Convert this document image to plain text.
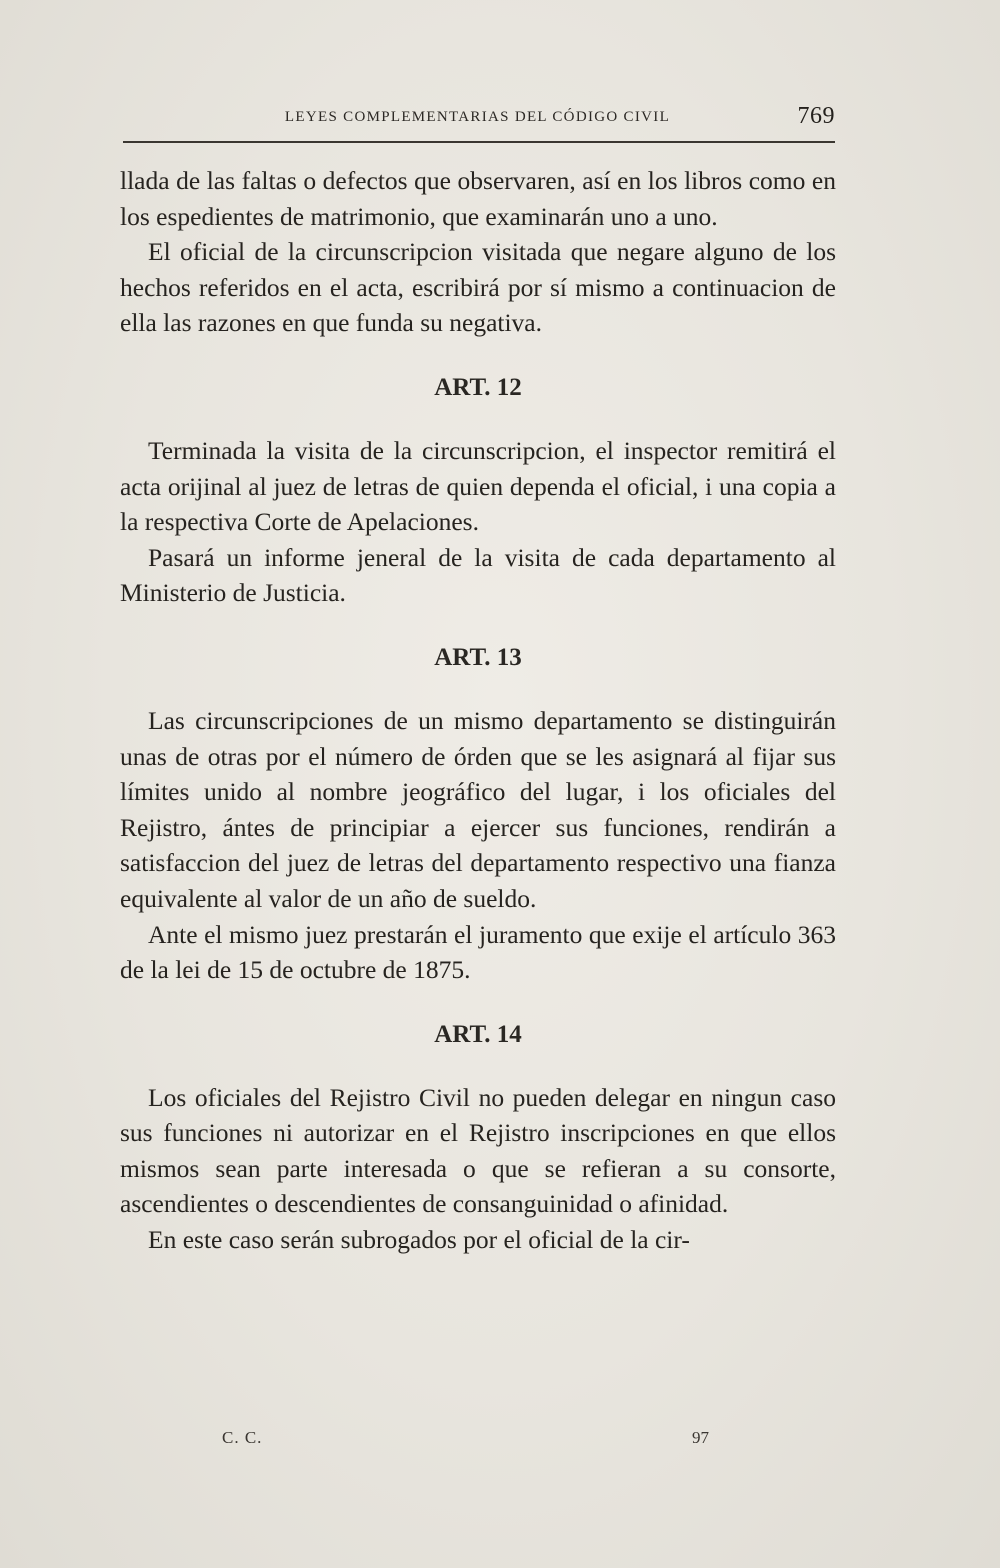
LEYES COMPLEMENTARIAS DEL CÓDIGO CIVIL	769

llada de las faltas o defectos que observaren, así en los libros como en los espedientes de matrimonio, que examinarán uno a uno.

El oficial de la circunscripcion visitada que negare alguno de los hechos referidos en el acta, escribirá por sí mismo a continuacion de ella las razones en que funda su negativa.

ART. 12

Terminada la visita de la circunscripcion, el inspector remitirá el acta orijinal al juez de letras de quien dependa el oficial, i una copia a la respectiva Corte de Apelaciones.

Pasará un informe jeneral de la visita de cada departamento al Ministerio de Justicia.

ART. 13

Las circunscripciones de un mismo departamento se distinguirán unas de otras por el número de órden que se les asignará al fijar sus límites unido al nombre jeográfico del lugar, i los oficiales del Rejistro, ántes de principiar a ejercer sus funciones, rendirán a satisfaccion del juez de letras del departamento respectivo una fianza equivalente al valor de un año de sueldo.

Ante el mismo juez prestarán el juramento que exije el artículo 363 de la lei de 15 de octubre de 1875.

ART. 14

Los oficiales del Rejistro Civil no pueden delegar en ningun caso sus funciones ni autorizar en el Rejistro inscripciones en que ellos mismos sean parte interesada o que se refieran a su consorte, ascendientes o descendientes de consanguinidad o afinidad.

En este caso serán subrogados por el oficial de la cir-

C. C.	97
